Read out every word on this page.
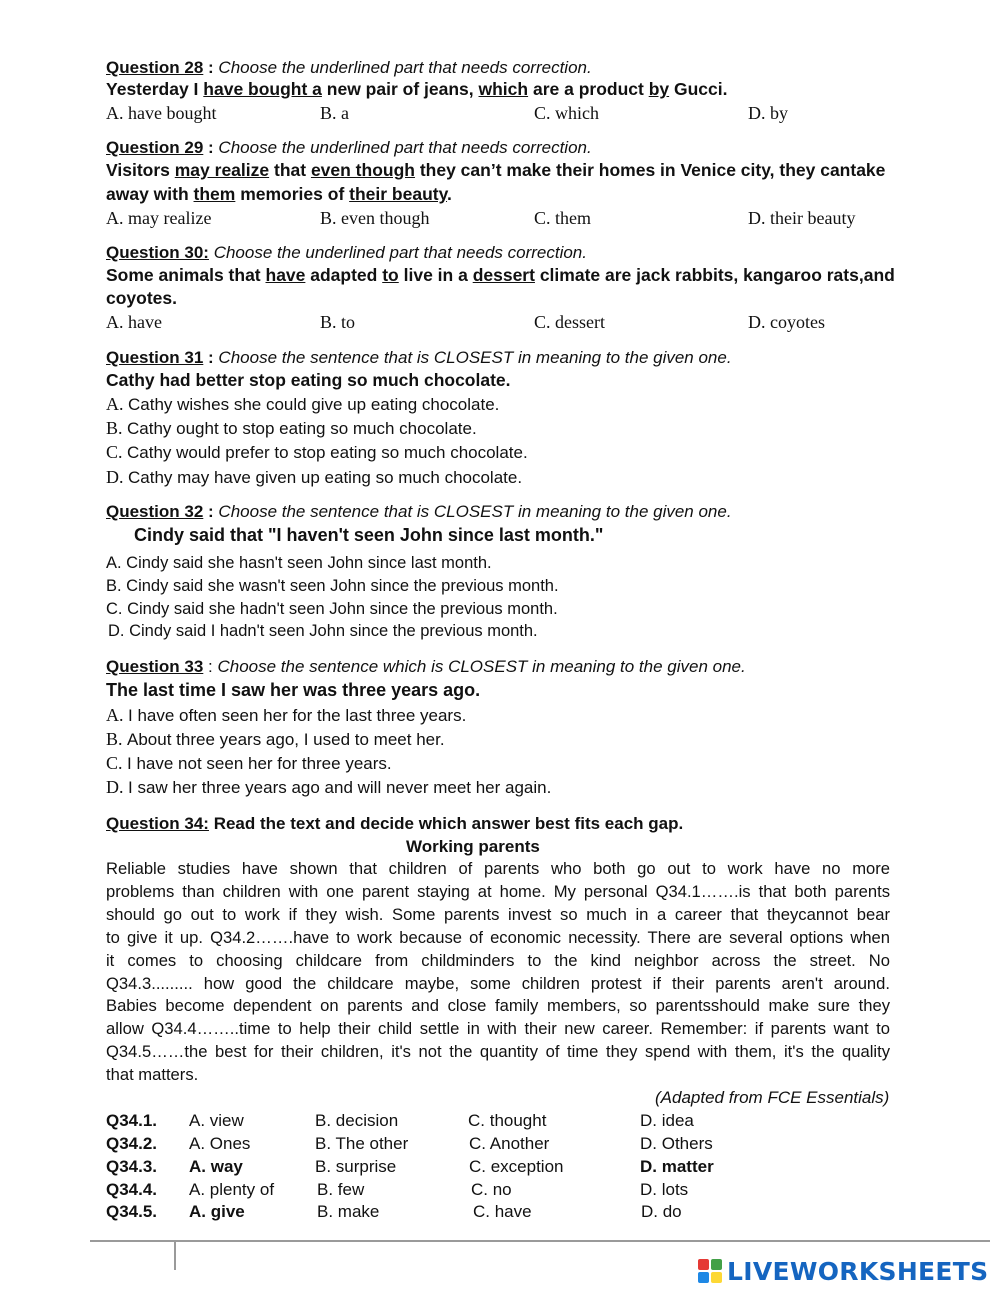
Question 28 : Choose the underlined part that needs correction.
Yesterday I have bought a new pair of jeans, which are a product by Gucci.
A. have bought	B. a	C. which	D. by
Question 29 : Choose the underlined part that needs correction.
Visitors may realize that even though they can’t make their homes in Venice city, they cantake
away with them memories of their beauty.
A. may realize	B. even though	C. them	D. their beauty
Question 30: Choose the underlined part that needs correction.
Some animals that have adapted to live in a dessert climate are jack rabbits, kangaroo rats,and
coyotes.
A. have	B. to	C. dessert	D. coyotes
Question 31 : Choose the sentence that is CLOSEST in meaning to the given one.
Cathy had better stop eating so much chocolate.
A. Cathy wishes she could give up eating chocolate.
B. Cathy ought to stop eating so much chocolate.
C. Cathy would prefer to stop eating so much chocolate.
D. Cathy may have given up eating so much chocolate.
Question 32 : Choose the sentence that is CLOSEST in meaning to the given one.
Cindy said that "I haven't seen John since last month."
A. Cindy said she hasn't seen John since last month.
B. Cindy said she wasn't seen John since the previous month.
C. Cindy said she hadn't seen John since the previous month.
D. Cindy said I hadn't seen John since the previous month.
Question 33 : Choose the sentence which is CLOSEST in meaning to the given one.
The last time I saw her was three years ago.
A. I have often seen her for the last three years.
B. About three years ago, I used to meet her.
C. I have not seen her for three years.
D. I saw her three years ago and will never meet her again.
Question 34: Read the text and decide which answer best fits each gap.
Working parents
Reliable studies have shown that children of parents who both go out to work have no more
problems than children with one parent staying at home. My personal Q34.1…….is that both parents
should go out to work if they wish. Some parents invest so much in a career that theycannot bear
to give it up. Q34.2…….have to work because of economic necessity. There are several options when
it comes to choosing childcare from childminders to the kind neighbor across the street. No
Q34.3......... how good the childcare maybe, some children protest if their parents aren't around.
Babies become dependent on parents and close family members, so parentsshould make sure they
allow Q34.4……..time to help their child settle in with their new career. Remember: if parents want to
Q34.5……the best for their children, it's not the quantity of time they spend with them, it's the quality
that matters.
(Adapted from FCE Essentials)
Q34.1. A. view	B. decision	C. thought	D. idea
Q34.2. A. Ones	B. The other	C. Another	D. Others
Q34.3. A. way	B. surprise	C. exception	D. matter
Q34.4. A. plenty of	B. few	C. no	D. lots
Q34.5. A. give	B. make	C. have	D. do
LIVEWORKSHEETS
